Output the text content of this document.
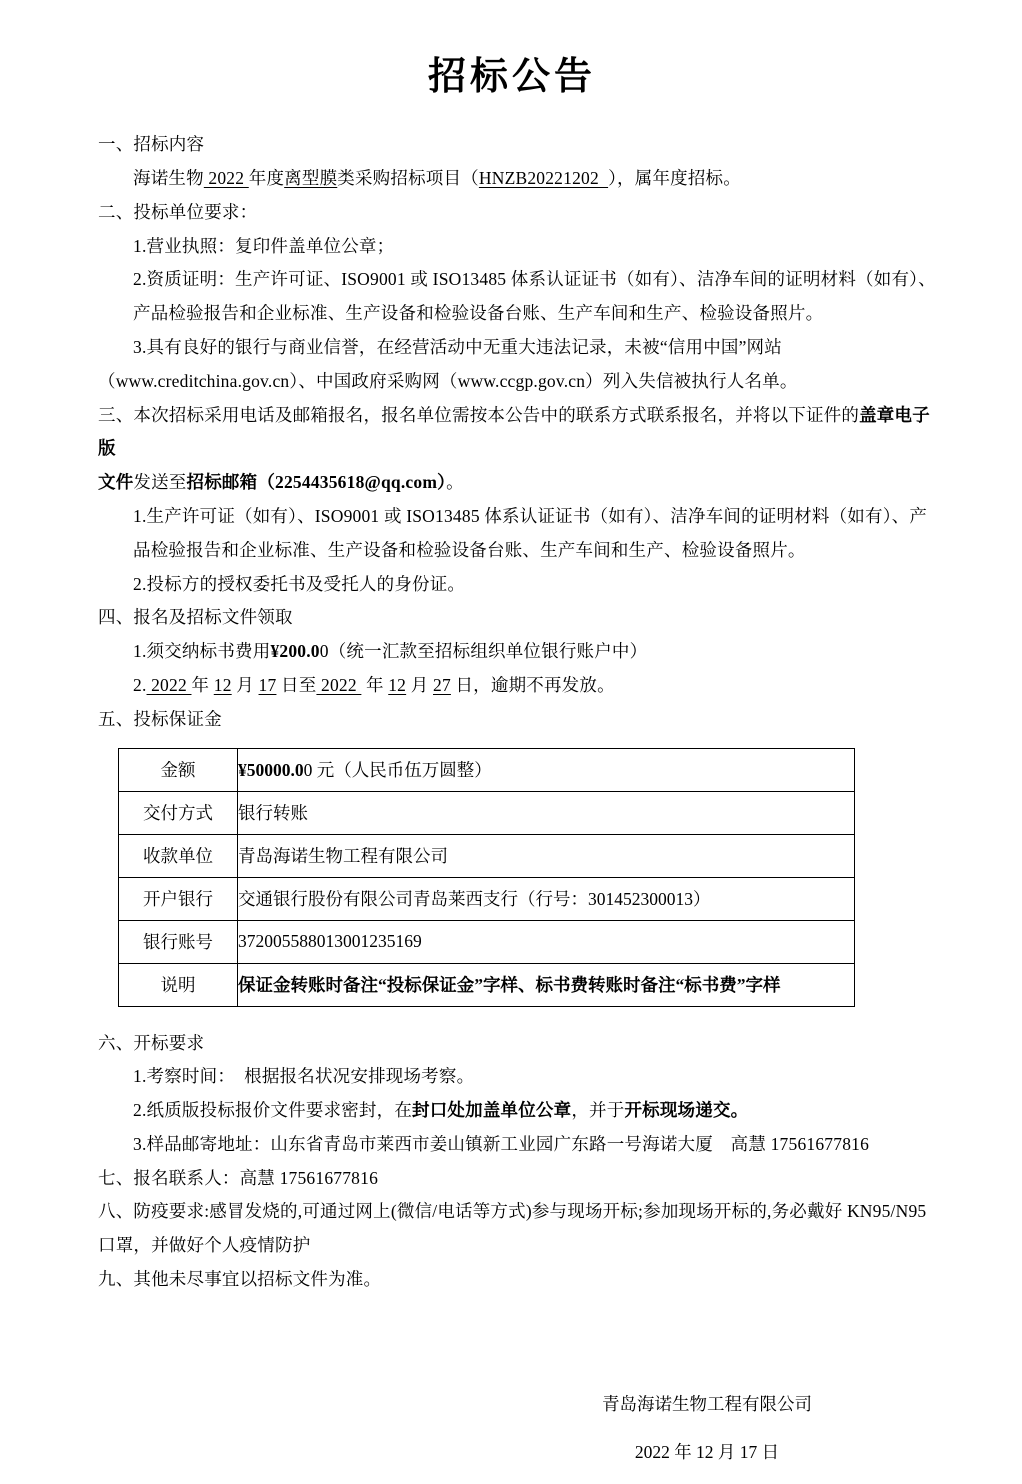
招标公告
一、招标内容
海诺生物 2022 年度离型膜类采购招标项目（HNZB20221202  ），属年度招标。
二、投标单位要求：
1.营业执照：复印件盖单位公章；
2.资质证明：生产许可证、ISO9001 或 ISO13485 体系认证证书（如有）、洁净车间的证明材料（如有）、
产品检验报告和企业标准、生产设备和检验设备台账、生产车间和生产、检验设备照片。
3.具有良好的银行与商业信誉，在经营活动中无重大违法记录，未被“信用中国”网站
（www.creditchina.gov.cn）、中国政府采购网（www.ccgp.gov.cn）列入失信被执行人名单。
三、本次招标采用电话及邮箱报名，报名单位需按本公告中的联系方式联系报名，并将以下证件的盖章电子版
文件发送至招标邮箱（2254435618@qq.com）。
1.生产许可证（如有）、ISO9001 或 ISO13485 体系认证证书（如有）、洁净车间的证明材料（如有）、产
品检验报告和企业标准、生产设备和检验设备台账、生产车间和生产、检验设备照片。
2.投标方的授权委托书及受托人的身份证。
四、报名及招标文件领取
1.须交纳标书费用¥200.00（统一汇款至招标组织单位银行账户中）
2. 2022 年 12 月 17 日至 2022  年 12 月 27 日，逾期不再发放。
五、投标保证金
金额	¥50000.00 元（人民币伍万圆整）
交付方式	银行转账
收款单位	青岛海诺生物工程有限公司
开户银行	交通银行股份有限公司青岛莱西支行（行号：301452300013）
银行账号	372005588013001235169
说明	保证金转账时备注“投标保证金”字样、标书费转账时备注“标书费”字样
六、开标要求
1.考察时间：  根据报名状况安排现场考察。
2.纸质版投标报价文件要求密封，在封口处加盖单位公章，并于开标现场递交。
3.样品邮寄地址：山东省青岛市莱西市姜山镇新工业园广东路一号海诺大厦　高慧 17561677816
七、报名联系人：高慧 17561677816
八、防疫要求:感冒发烧的,可通过网上(微信/电话等方式)参与现场开标;参加现场开标的,务必戴好 KN95/N95
口罩，并做好个人疫情防护
九、其他未尽事宜以招标文件为准。
青岛海诺生物工程有限公司
2022 年 12 月 17 日
